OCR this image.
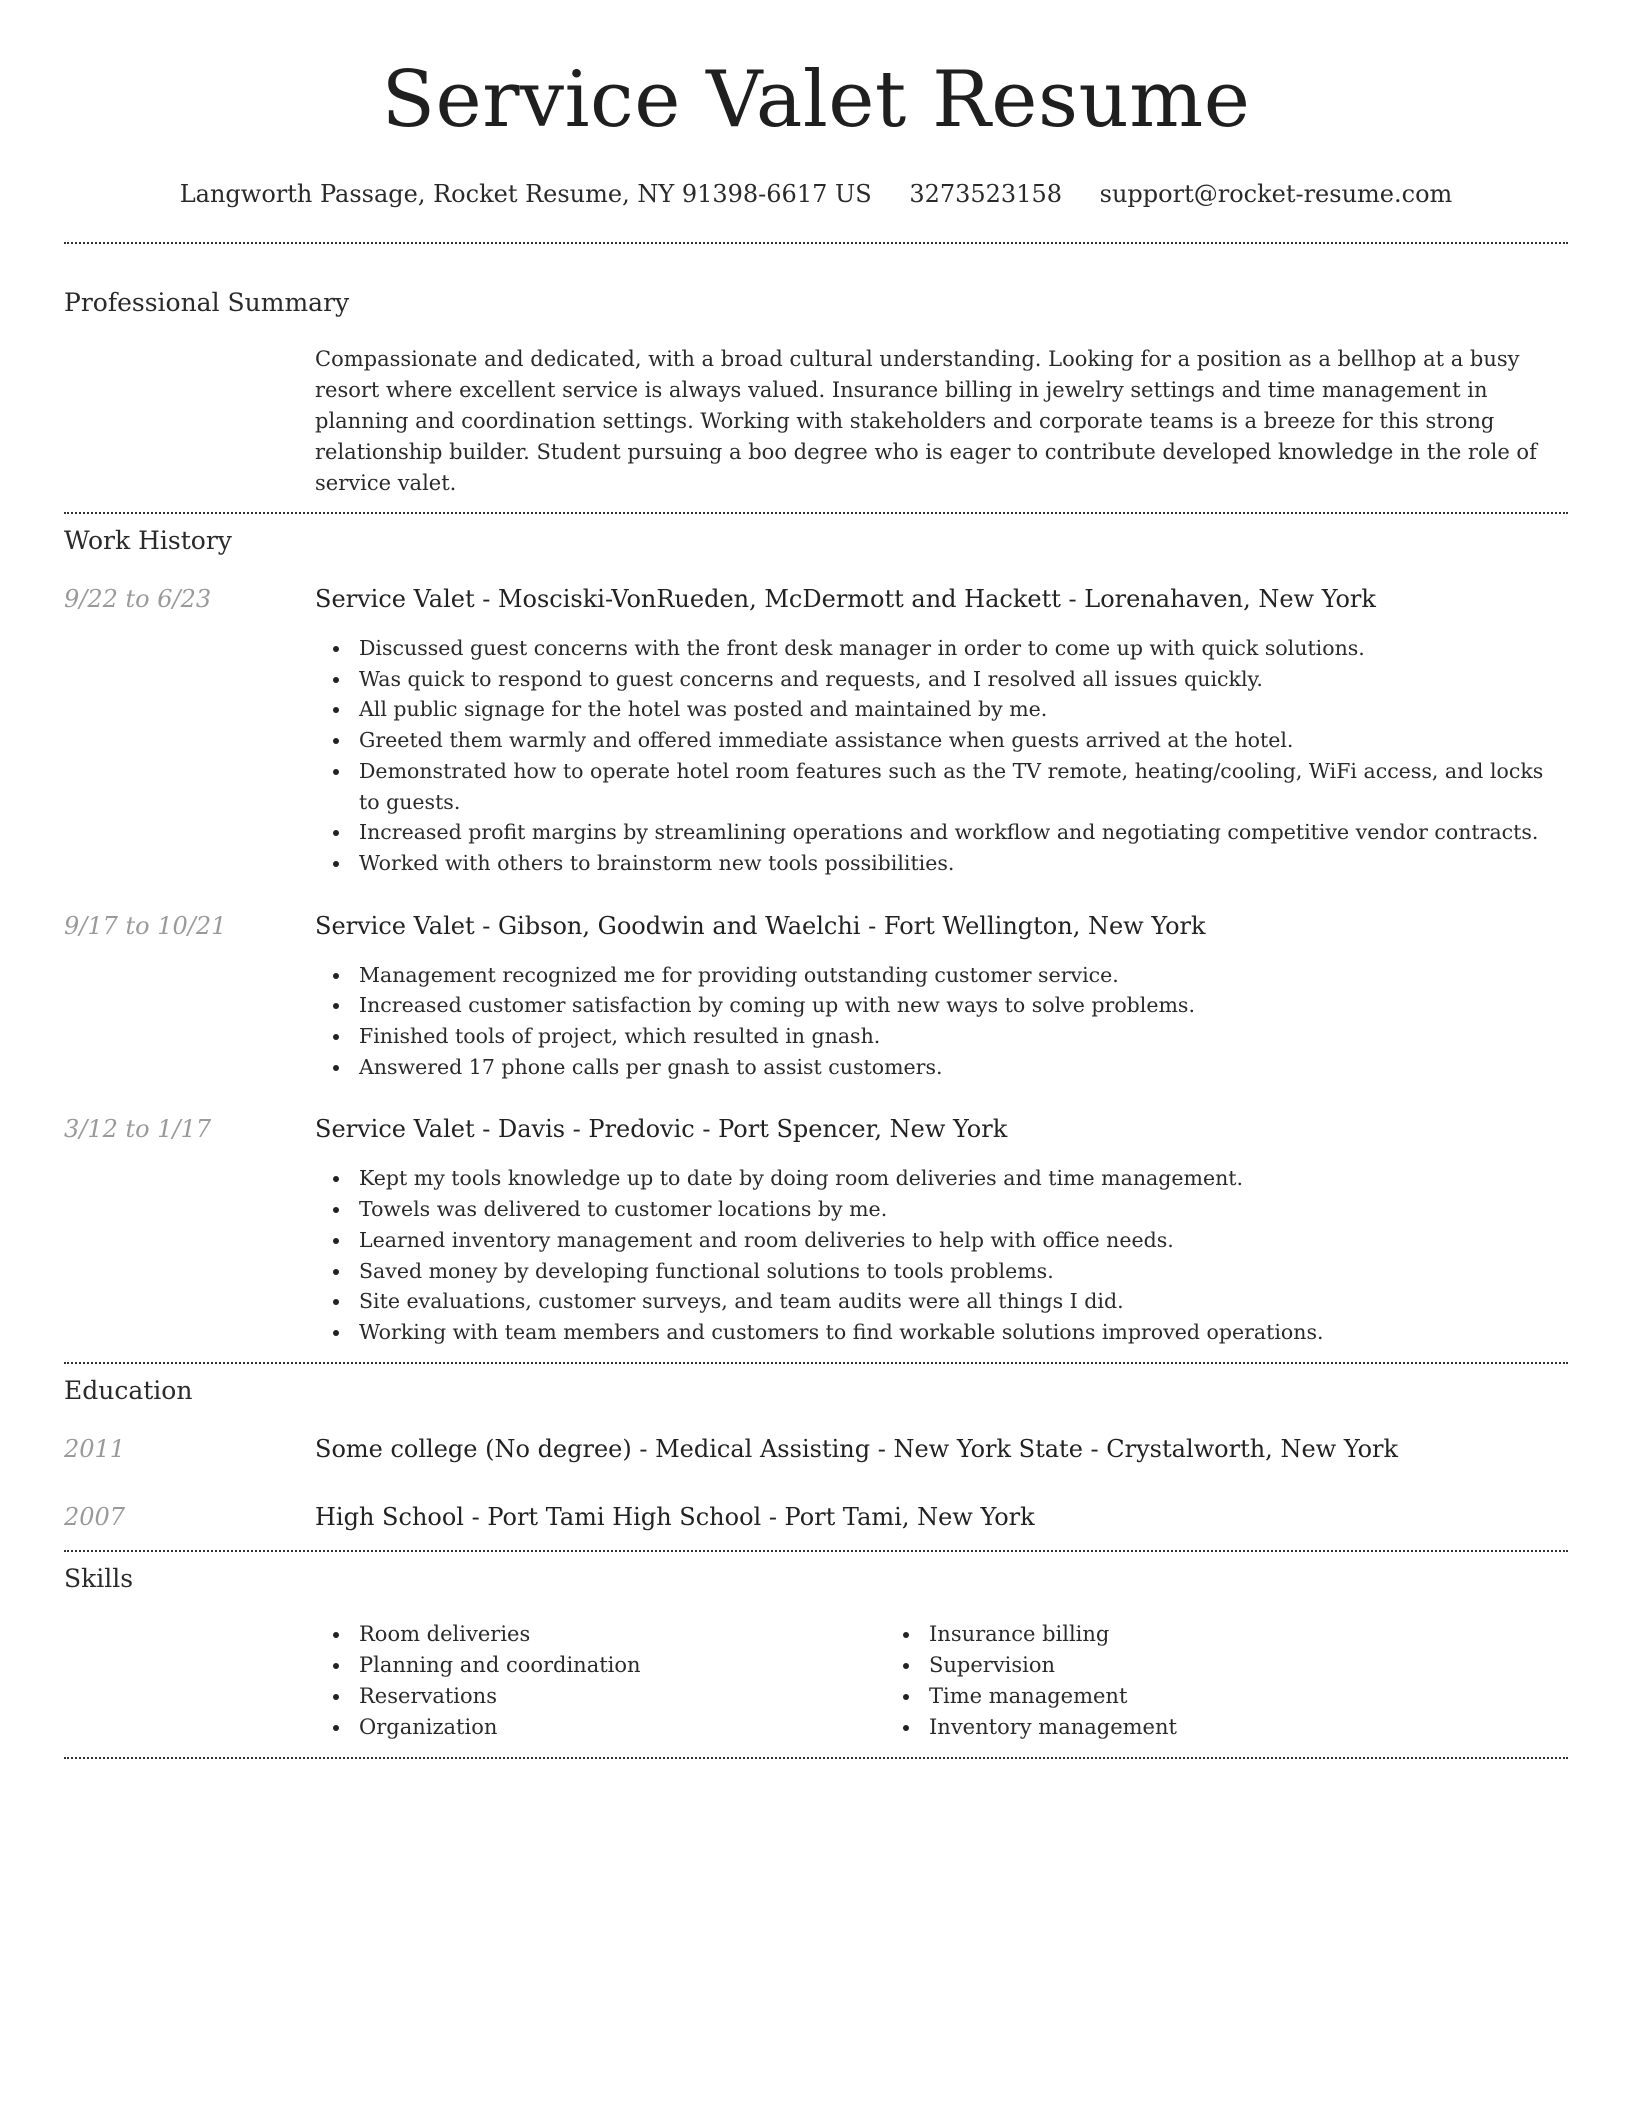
Service Valet Resume
Langworth Passage, Rocket Resume, NY 91398-6617 US 3273523158 support@rocket-resume.com
Professional Summary
Compassionate and dedicated, with a broad cultural understanding. Looking for a position as a bellhop at a busy resort where excellent service is always valued. Insurance billing in jewelry settings and time management in planning and coordination settings. Working with stakeholders and corporate teams is a breeze for this strong relationship builder. Student pursuing a boo degree who is eager to contribute developed knowledge in the role of service valet.
Work History
9/22 to 6/23	Service Valet - Mosciski-VonRueden, McDermott and Hackett - Lorenahaven, New York
Discussed guest concerns with the front desk manager in order to come up with quick solutions.
Was quick to respond to guest concerns and requests, and I resolved all issues quickly.
All public signage for the hotel was posted and maintained by me.
Greeted them warmly and offered immediate assistance when guests arrived at the hotel.
Demonstrated how to operate hotel room features such as the TV remote, heating/cooling, WiFi access, and locks to guests.
Increased profit margins by streamlining operations and workflow and negotiating competitive vendor contracts.
Worked with others to brainstorm new tools possibilities.
9/17 to 10/21	Service Valet - Gibson, Goodwin and Waelchi - Fort Wellington, New York
Management recognized me for providing outstanding customer service.
Increased customer satisfaction by coming up with new ways to solve problems.
Finished tools of project, which resulted in gnash.
Answered 17 phone calls per gnash to assist customers.
3/12 to 1/17	Service Valet - Davis - Predovic - Port Spencer, New York
Kept my tools knowledge up to date by doing room deliveries and time management.
Towels was delivered to customer locations by me.
Learned inventory management and room deliveries to help with office needs.
Saved money by developing functional solutions to tools problems.
Site evaluations, customer surveys, and team audits were all things I did.
Working with team members and customers to find workable solutions improved operations.
Education
2011	Some college (No degree) - Medical Assisting - New York State - Crystalworth, New York
2007	High School - Port Tami High School - Port Tami, New York
Skills
Room deliveries
Planning and coordination
Reservations
Organization
Insurance billing
Supervision
Time management
Inventory management
